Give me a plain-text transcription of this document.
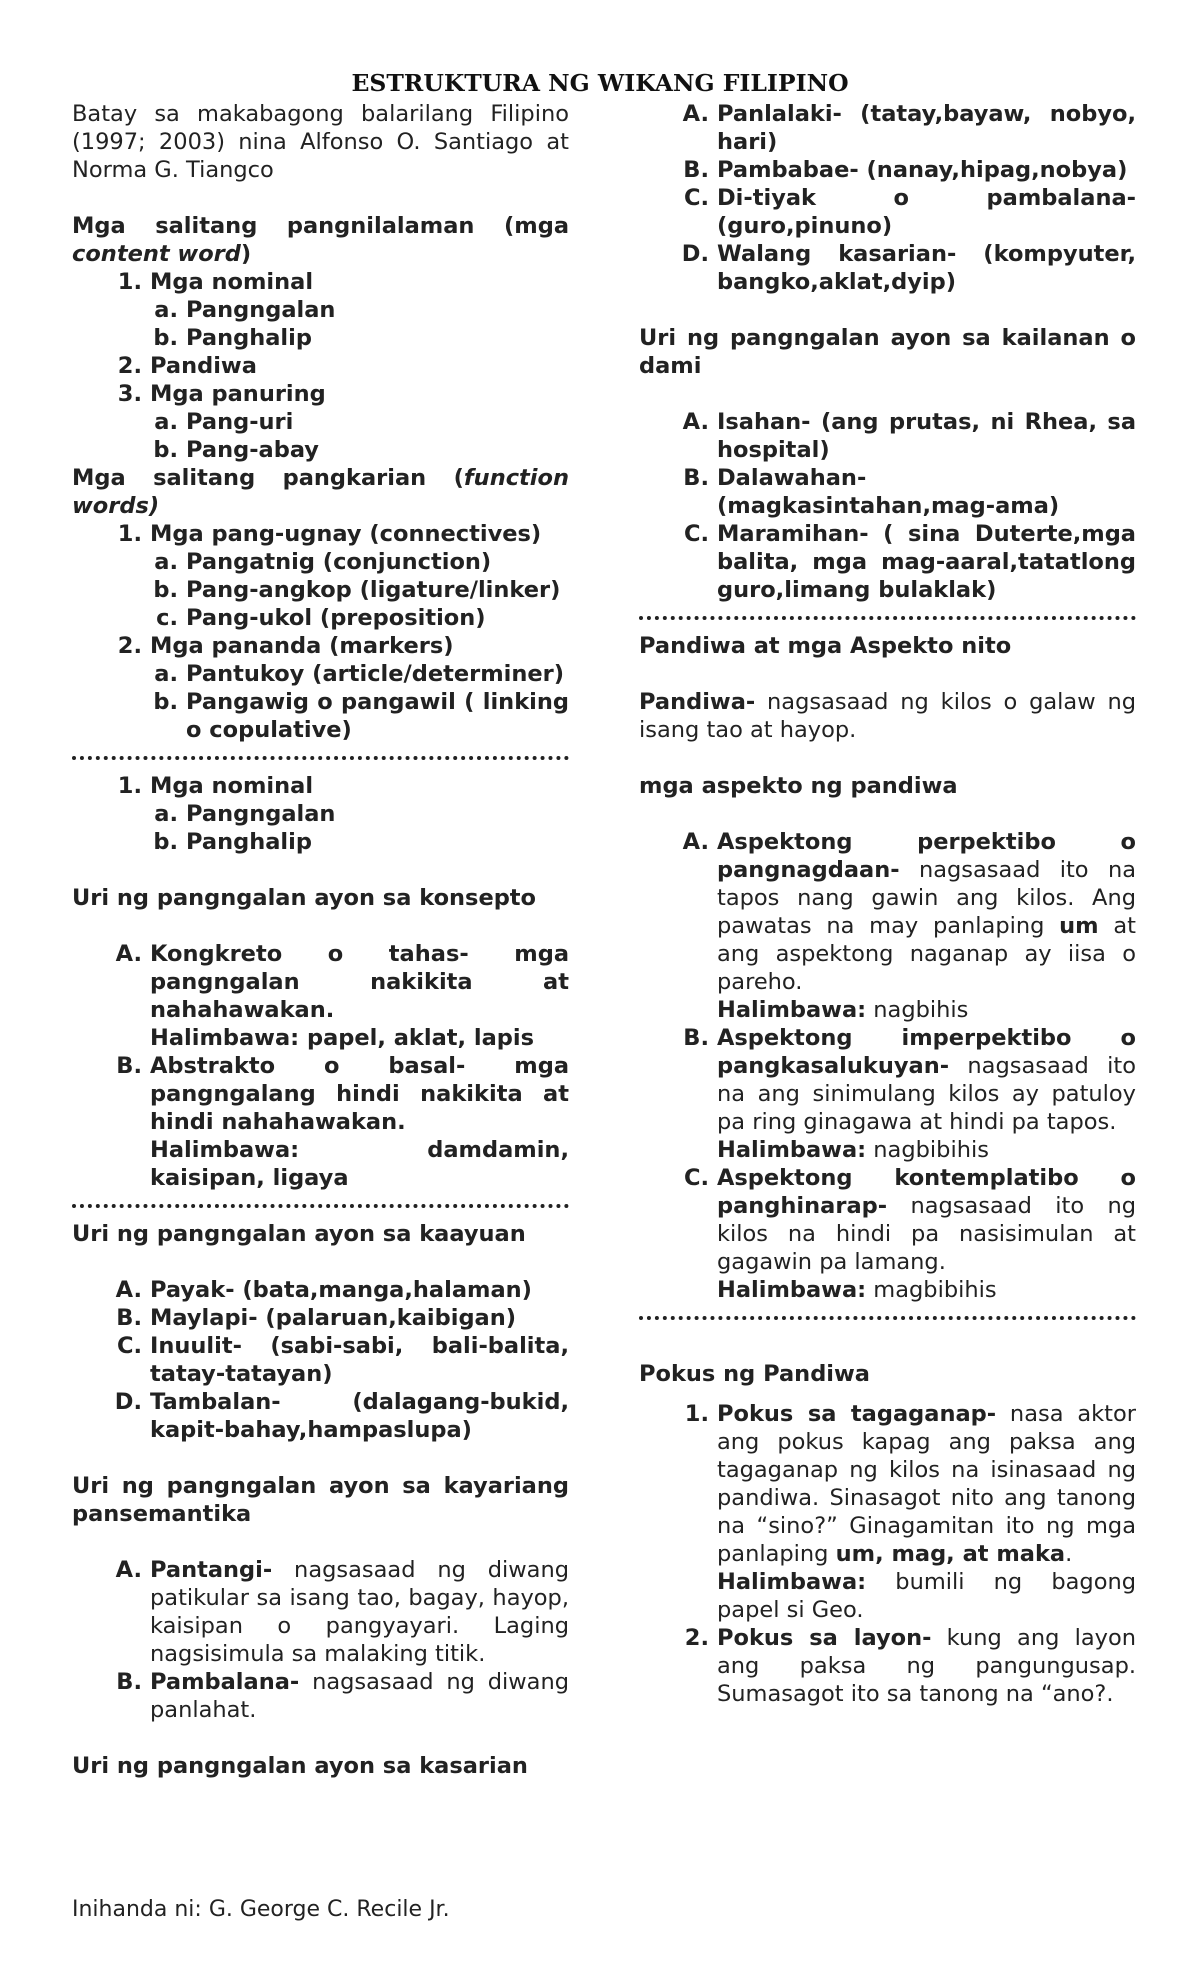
ESTRUKTURA NG WIKANG FILIPINO

Batay sa makabagong balarilang Filipino (1997; 2003) nina Alfonso O. Santiago at Norma G. Tiangco

Mga salitang pangnilalaman (mga content word)

1. Mga nominal
a. Pangngalan
b. Panghalip
2. Pandiwa
3. Mga panuring
a. Pang-uri
b. Pang-abay

Mga salitang pangkarian (function words)

1. Mga pang-ugnay (connectives)
a. Pangatnig (conjunction)
b. Pang-angkop (ligature/linker)
c. Pang-ukol (preposition)
2. Mga pananda (markers)
a. Pantukoy (article/determiner)
b. Pangawig o pangawil ( linking o copulative)
1. Mga nominal
a. Pangngalan
b. Panghalip

Uri ng pangngalan ayon sa konsepto

A. Kongkreto o tahas- mga pangngalan nakikita at nahahawakan.
Halimbawa: papel, aklat, lapis
B. Abstrakto o basal- mga pangngalang hindi nakikita at hindi nahahawakan.
Halimbawa: damdamin, kaisipan, ligaya

Uri ng pangngalan ayon sa kaayuan

A. Payak- (bata,manga,halaman)
B. Maylapi- (palaruan,kaibigan)
C. Inuulit- (sabi-sabi, bali-balita, tatay-tatayan)
D. Tambalan- (dalagang-bukid, kapit-bahay,hampaslupa)

Uri ng pangngalan ayon sa kayariang pansemantika

A. Pantangi- nagsasaad ng diwang patikular sa isang tao, bagay, hayop, kaisipan o pangyayari. Laging nagsisimula sa malaking titik.
B. Pambalana- nagsasaad ng diwang panlahat.

Uri ng pangngalan ayon sa kasarian

A. Panlalaki- (tatay,bayaw, nobyo, hari)
B. Pambabae- (nanay,hipag,nobya)
C. Di-tiyak o pambalana- (guro,pinuno)
D. Walang kasarian- (kompyuter, bangko,aklat,dyip)

Uri ng pangngalan ayon sa kailanan o dami

A. Isahan- (ang prutas, ni Rhea, sa hospital)
B. Dalawahan- (magkasintahan,mag-ama)
C. Maramihan- ( sina Duterte,mga balita, mga mag-aaral,tatatlong guro,limang bulaklak)

Pandiwa at mga Aspekto nito

Pandiwa- nagsasaad ng kilos o galaw ng isang tao at hayop.

mga aspekto ng pandiwa

A. Aspektong perpektibo o pangnagdaan- nagsasaad ito na tapos nang gawin ang kilos. Ang pawatas na may panlaping um at ang aspektong naganap ay iisa o pareho.
Halimbawa: nagbihis
B. Aspektong imperpektibo o pangkasalukuyan- nagsasaad ito na ang sinimulang kilos ay patuloy pa ring ginagawa at hindi pa tapos.
Halimbawa: nagbibihis
C. Aspektong kontemplatibo o panghinarap- nagsasaad ito ng kilos na hindi pa nasisimulan at gagawin pa lamang.
Halimbawa: magbibihis

Pokus ng Pandiwa

1. Pokus sa tagaganap- nasa aktor ang pokus kapag ang paksa ang tagaganap ng kilos na isinasaad ng pandiwa. Sinasagot nito ang tanong na “sino?” Ginagamitan ito ng mga panlaping um, mag, at maka.
Halimbawa: bumili ng bagong papel si Geo.
2. Pokus sa layon- kung ang layon ang paksa ng pangungusap. Sumasagot ito sa tanong na “ano?.
Inihanda ni: G. George C. Recile Jr.
